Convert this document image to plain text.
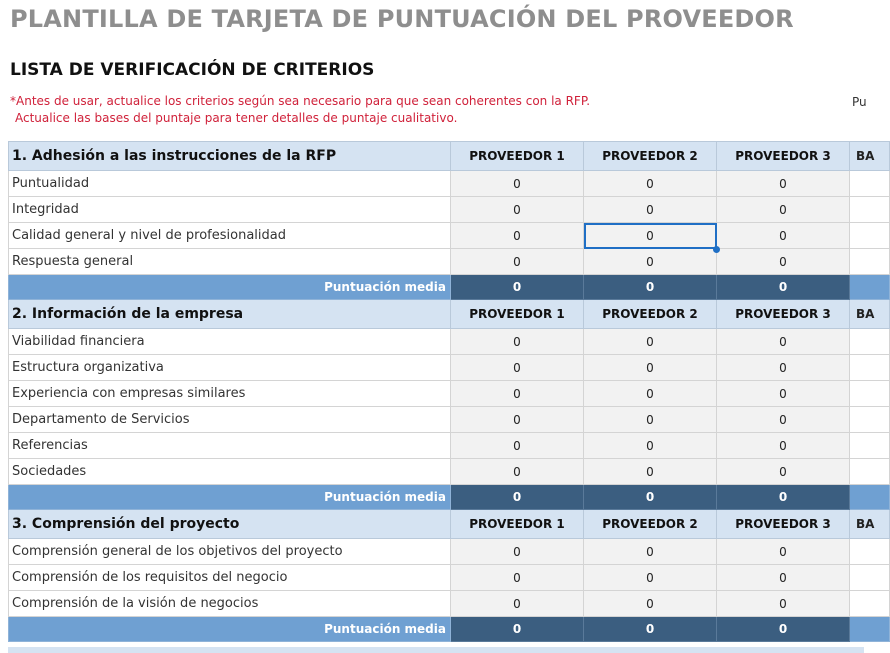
PLANTILLA DE TARJETA DE PUNTUACIÓN DEL PROVEEDOR
LISTA DE VERIFICACIÓN DE CRITERIOS
*Antes de usar, actualice los criterios según sea necesario para que sean coherentes con la RFP.
Actualice las bases del puntaje para tener detalles de puntaje cualitativo.
Pu
1. Adhesión a las instrucciones de la RFP	PROVEEDOR 1	PROVEEDOR 2	PROVEEDOR 3	BA
Puntualidad	0	0	0	
Integridad	0	0	0	
Calidad general y nivel de profesionalidad	0	0	0	
Respuesta general	0	0	0	
Puntuación media	0	0	0	
2. Información de la empresa	PROVEEDOR 1	PROVEEDOR 2	PROVEEDOR 3	BA
Viabilidad financiera	0	0	0	
Estructura organizativa	0	0	0	
Experiencia con empresas similares	0	0	0	
Departamento de Servicios	0	0	0	
Referencias	0	0	0	
Sociedades	0	0	0	
Puntuación media	0	0	0	
3. Comprensión del proyecto	PROVEEDOR 1	PROVEEDOR 2	PROVEEDOR 3	BA
Comprensión general de los objetivos del proyecto	0	0	0	
Comprensión de los requisitos del negocio	0	0	0	
Comprensión de la visión de negocios	0	0	0	
Puntuación media	0	0	0	
